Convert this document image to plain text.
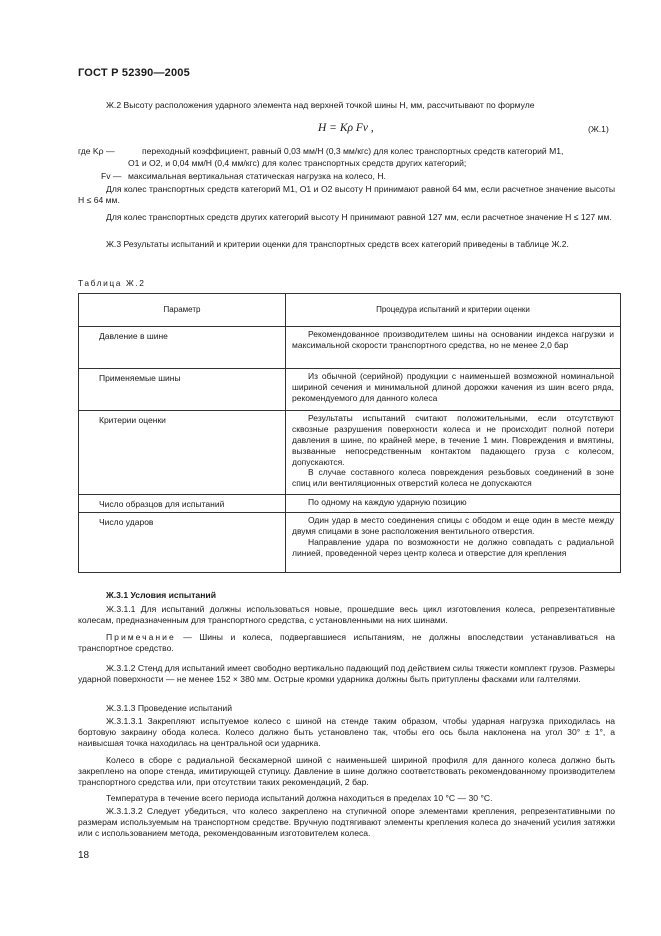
ГОСТ Р 52390—2005
Ж.2 Высоту расположения ударного элемента над верхней точкой шины H, мм, рассчитывают по формуле
H = Kρ Fv ,	(Ж.1)
где Kρ —	переходный коэффициент, равный 0,03 мм/Н (0,3 мм/кгс) для колес транспортных средств категорий M1,
O1 и O2, и 0,04 мм/Н (0,4 мм/кгс) для колес транспортных средств других категорий;
Fv — максимальная вертикальная статическая нагрузка на колесо, Н.
Для колес транспортных средств категорий M1, O1 и O2 высоту H принимают равной 64 мм, если расчетное значение высоты H ≤ 64 мм.
Для колес транспортных средств других категорий высоту H принимают равной 127 мм, если расчетное значение H ≤ 127 мм.
Ж.3 Результаты испытаний и критерии оценки для транспортных средств всех категорий приведены в таблице Ж.2.
Таблица Ж.2
Параметр	Процедура испытаний и критерии оценки
Давление в шине	Рекомендованное производителем шины на основании индекса нагрузки и максимальной скорости транспортного средства, но не менее 2,0 бар

Применяемые шины	Из обычной (серийной) продукции с наименьшей возможной номинальной шириной сечения и минимальной длиной дорожки качения из шин всего ряда, рекомендуемого для данного колеса

Критерии оценки	Результаты испытаний считают положительными, если отсутствуют сквозные разрушения поверхности колеса и не происходит полной потери давления в шине, по крайней мере, в течение 1 мин. Повреждения и вмятины, вызванные непосредственным контактом падающего груза с колесом, допускаются.

В случае составного колеса повреждения резьбовых соединений в зоне спиц или вентиляционных отверстий колеса не допускаются

Число образцов для испытаний	По одному на каждую ударную позицию

Число ударов	Один удар в место соединения спицы с ободом и еще один в месте между двумя спицами в зоне расположения вентильного отверстия.

Направление удара по возможности не должно совпадать с радиальной линией, проведенной через центр колеса и отверстие для крепления

Ж.3.1 Условия испытаний
Ж.3.1.1 Для испытаний должны использоваться новые, прошедшие весь цикл изготовления колеса, репрезентативные колесам, предназначенным для транспортного средства, с установленными на них шинами.
Примечание — Шины и колеса, подвергавшиеся испытаниям, не должны впоследствии устанавливаться на транспортное средство.
Ж.3.1.2 Стенд для испытаний имеет свободно вертикально падающий под действием силы тяжести комплект грузов. Размеры ударной поверхности — не менее 152 × 380 мм. Острые кромки ударника должны быть притуплены фасками или галтелями.
Ж.3.1.3 Проведение испытаний
Ж.3.1.3.1 Закрепляют испытуемое колесо с шиной на стенде таким образом, чтобы ударная нагрузка приходилась на бортовую закраину обода колеса. Колесо должно быть установлено так, чтобы его ось была наклонена на угол 30° ± 1°, а наивысшая точка находилась на центральной оси ударника.
Колесо в сборе с радиальной бескамерной шиной с наименьшей шириной профиля для данного колеса должно быть закреплено на опоре стенда, имитирующей ступицу. Давление в шине должно соответствовать рекомендованному производителем транспортного средства или, при отсутствии таких рекомендаций, 2 бар.
Температура в течение всего периода испытаний должна находиться в пределах 10 °С — 30 °С.
Ж.3.1.3.2 Следует убедиться, что колесо закреплено на ступичной опоре элементами крепления, репрезентативными по размерам используемым на транспортном средстве. Вручную подтягивают элементы крепления колеса до значений усилия затяжки или с использованием метода, рекомендованным изготовителем колеса.
18
